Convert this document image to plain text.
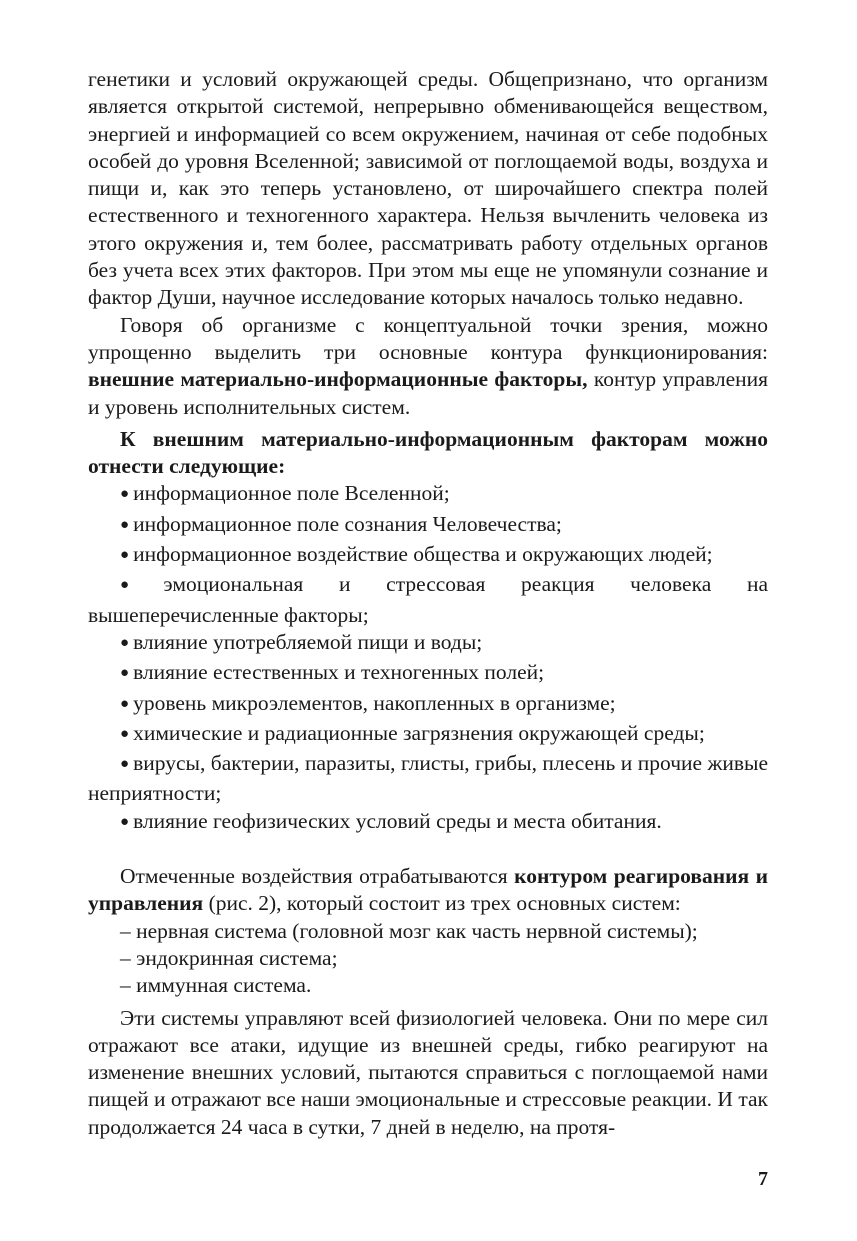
генетики и условий окружающей среды. Общепризнано, что организм является открытой системой, непрерывно обменивающейся веществом, энергией и информацией со всем окружением, начиная от себе подобных особей до уровня Вселенной; зависимой от поглощаемой воды, воздуха и пищи и, как это теперь установлено, от широчайшего спектра полей естественного и техногенного характера. Нельзя вычленить человека из этого окружения и, тем более, рассматривать работу отдельных органов без учета всех этих факторов. При этом мы еще не упомянули сознание и фактор Души, научное исследование которых началось только недавно.

Говоря об организме с концептуальной точки зрения, можно упрощенно выделить три основные контура функционирования: внешние материально-информационные факторы, контур управления и уровень исполнительных систем.

К внешним материально-информационным факторам можно отнести следующие:

● информационное поле Вселенной;

● информационное поле сознания Человечества;

● информационное воздействие общества и окружающих людей;

● эмоциональная и стрессовая реакция человека на вышеперечисленные факторы;

● влияние употребляемой пищи и воды;

● влияние естественных и техногенных полей;

● уровень микроэлементов, накопленных в организме;

● химические и радиационные загрязнения окружающей среды;

● вирусы, бактерии, паразиты, глисты, грибы, плесень и прочие живые неприятности;

● влияние геофизических условий среды и места обитания.

Отмеченные воздействия отрабатываются контуром реагирования и управления (рис. 2), который состоит из трех основных систем:

– нервная система (головной мозг как часть нервной системы);

– эндокринная система;

– иммунная система.

Эти системы управляют всей физиологией человека. Они по мере сил отражают все атаки, идущие из внешней среды, гибко реагируют на изменение внешних условий, пытаются справиться с поглощаемой нами пищей и отражают все наши эмоциональные и стрессовые реакции. И так продолжается 24 часа в сутки, 7 дней в неделю, на протя-

7
